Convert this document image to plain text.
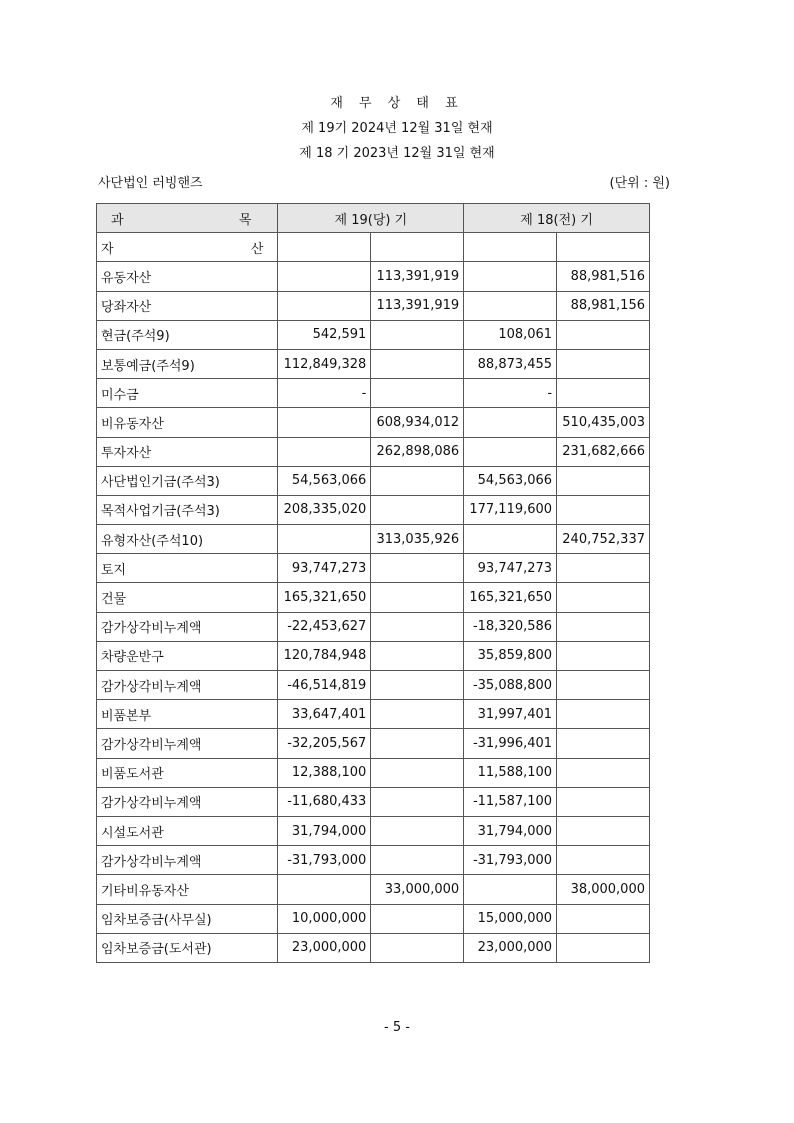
재 무 상 태 표
제 19기 2024년 12월 31일 현재
제 18 기 2023년 12월 31일 현재
사단법인 러빙핸즈	(단위 : 원)
과 목	제 19(당) 기		제 18(전) 기	

자 산				

유동자산		113,391,919		88,981,516
당좌자산		113,391,919		88,981,156
현금(주석9)	542,591		108,061	
보통예금(주석9)	112,849,328		88,873,455	
미수금	-		-	
비유동자산		608,934,012		510,435,003
투자자산		262,898,086		231,682,666
사단법인기금(주석3)	54,563,066		54,563,066	
목적사업기금(주석3)	208,335,020		177,119,600	
유형자산(주석10)		313,035,926		240,752,337
토지	93,747,273		93,747,273	
건물	165,321,650		165,321,650	
감가상각비누계액	-22,453,627		-18,320,586	
차량운반구	120,784,948		35,859,800	
감가상각비누계액	-46,514,819		-35,088,800	
비품본부	33,647,401		31,997,401	
감가상각비누계액	-32,205,567		-31,996,401	
비품도서관	12,388,100		11,588,100	
감가상각비누계액	-11,680,433		-11,587,100	
시설도서관	31,794,000		31,794,000	
감가상각비누계액	-31,793,000		-31,793,000	
기타비유동자산		33,000,000		38,000,000
임차보증금(사무실)	10,000,000		15,000,000	
임차보증금(도서관)	23,000,000		23,000,000	
- 5 -
